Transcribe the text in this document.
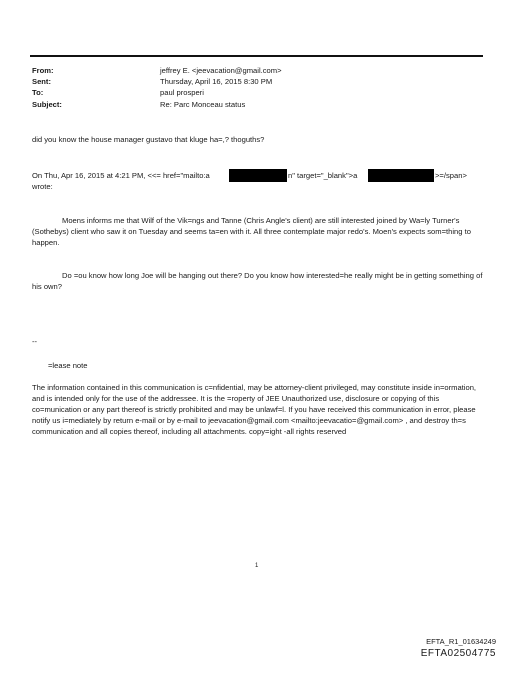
From:	jeffrey E. <jeevacation@gmail.com>
Sent:	Thursday, April 16, 2015 8:30 PM
To:	paul prosperi
Subject:	Re: Parc Monceau status
did you know the house manager gustavo that kluge ha=,? thoguths?
On Thu, Apr 16, 2015 at 4:21 PM, <<= href="mailto:a	n" target="_blank">a	>=/span>
wrote:
Moens informs me that Wilf of the Vik=ngs and Tanne (Chris Angle's client) are still interested joined by Wa=ly Turner's (Sothebys) client who saw it on Tuesday and seems ta=en with it. All three contemplate major redo's. Moen's expects som=thing to happen.
Do =ou know how long Joe will be hanging out there? Do you know how interested=he really might be in getting something of his own?
--
=lease note
The information contained in this communication is c=nfidential, may be attorney-client privileged, may constitute inside in=ormation, and is intended only for the use of the addressee. It is the =roperty of JEE Unauthorized use, disclosure or copying of this co=munication or any part thereof is strictly prohibited and may be unlawf=l. If you have received this communication in error, please notify us i=mediately by return e-mail or by e-mail to jeevacation@gmail.com <mailto:jeevacatio=@gmail.com> , and destroy th=s communication and all copies thereof, including all attachments. copy=ight -all rights reserved
1
EFTA_R1_01634249
EFTA02504775
